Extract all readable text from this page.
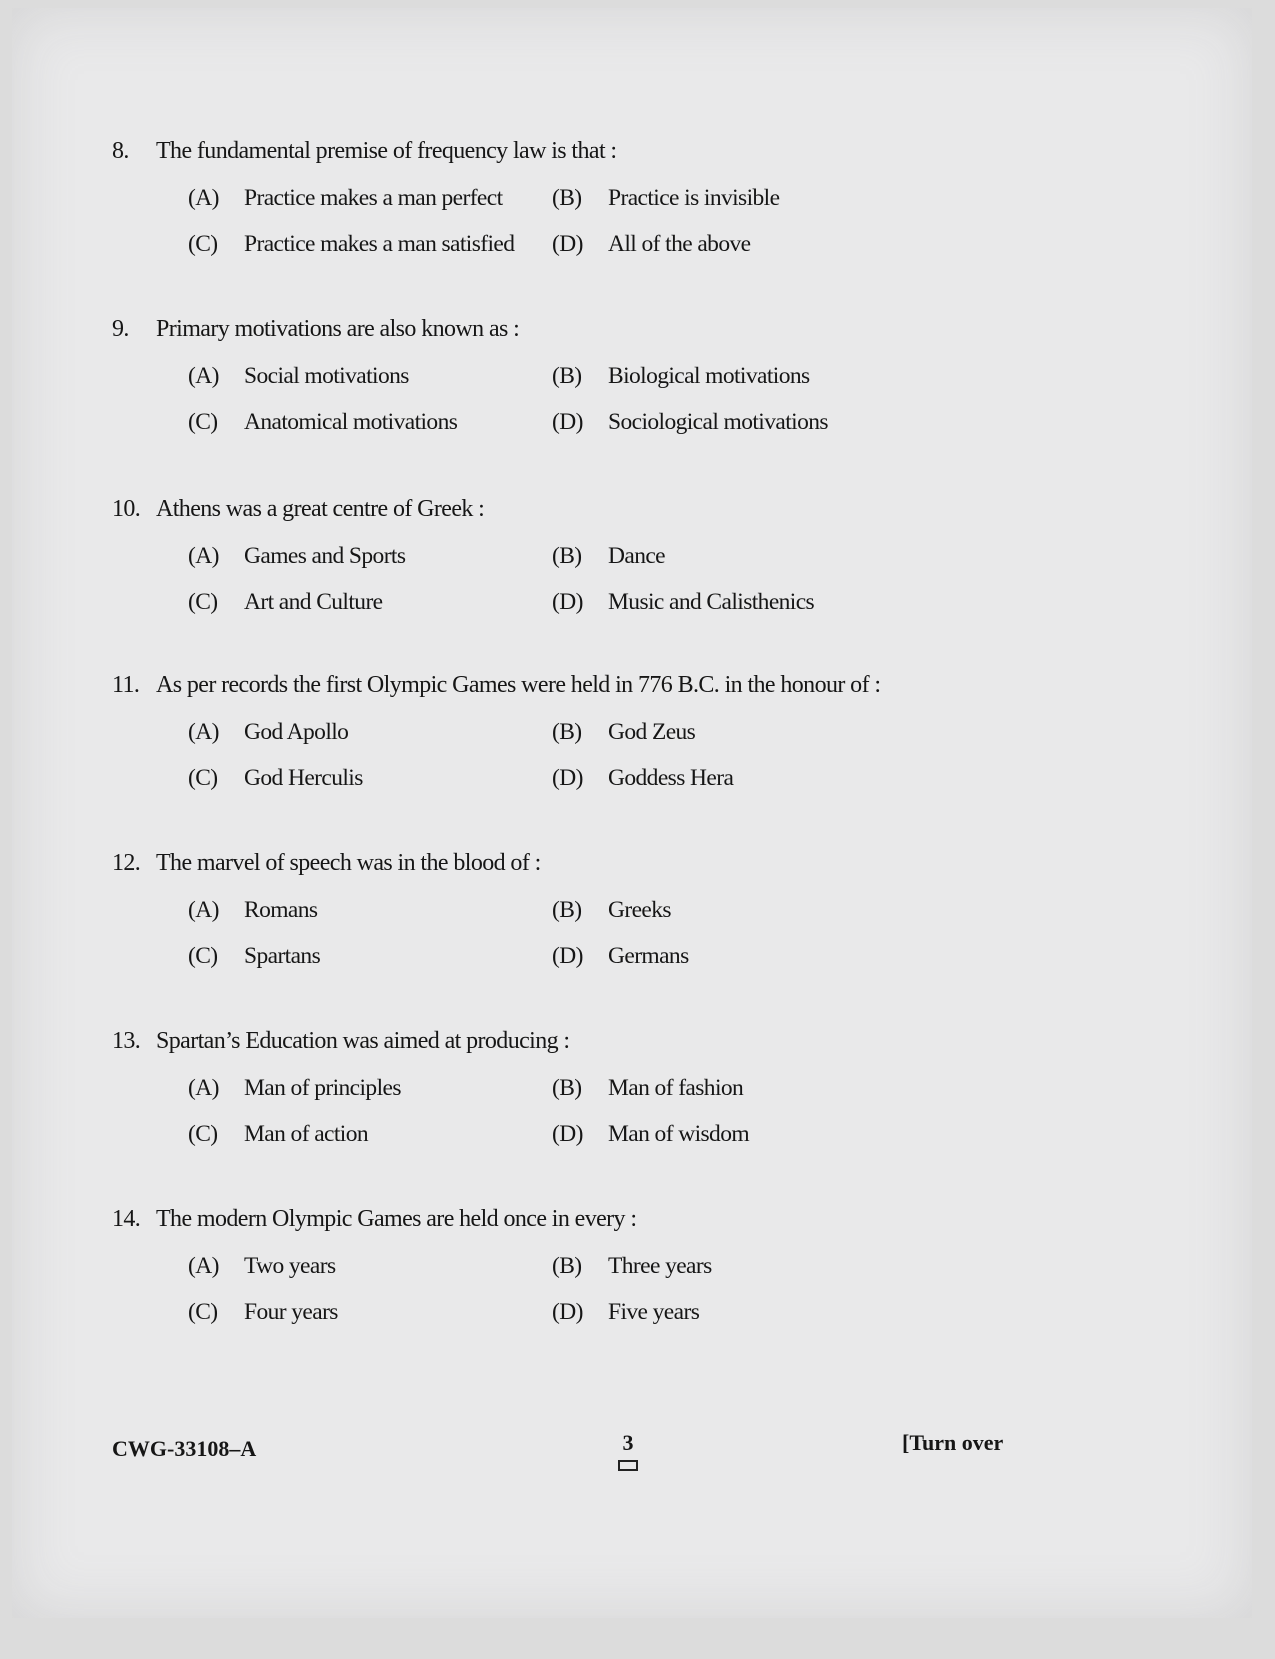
8.	The fundamental premise of frequency law is that :
(A)	Practice makes a man perfect (B)	Practice is invisible
(C)	Practice makes a man satisfied (D)	All of the above
9.	Primary motivations are also known as :
(A)	Social motivations	(B)	Biological motivations
(C)	Anatomical motivations	(D)	Sociological motivations
10. Athens was a great centre of Greek :
(A)	Games and Sports	(B)	Dance
(C)	Art and Culture	(D)	Music and Calisthenics
11. As per records the first Olympic Games were held in 776 B.C. in the honour of :
(A)	God Apollo	(B)	God Zeus
(C)	God Herculis	(D)	Goddess Hera
12. The marvel of speech was in the blood of :
(A)	Romans	(B)	Greeks
(C)	Spartans	(D)	Germans
13. Spartan’s Education was aimed at producing :
(A)	Man of principles	(B)	Man of fashion
(C)	Man of action	(D)	Man of wisdom
14. The modern Olympic Games are held once in every :
(A)	Two years	(B)	Three years
(C)	Four years	(D)	Five years
CWG-33108–A	3	[Turn over
